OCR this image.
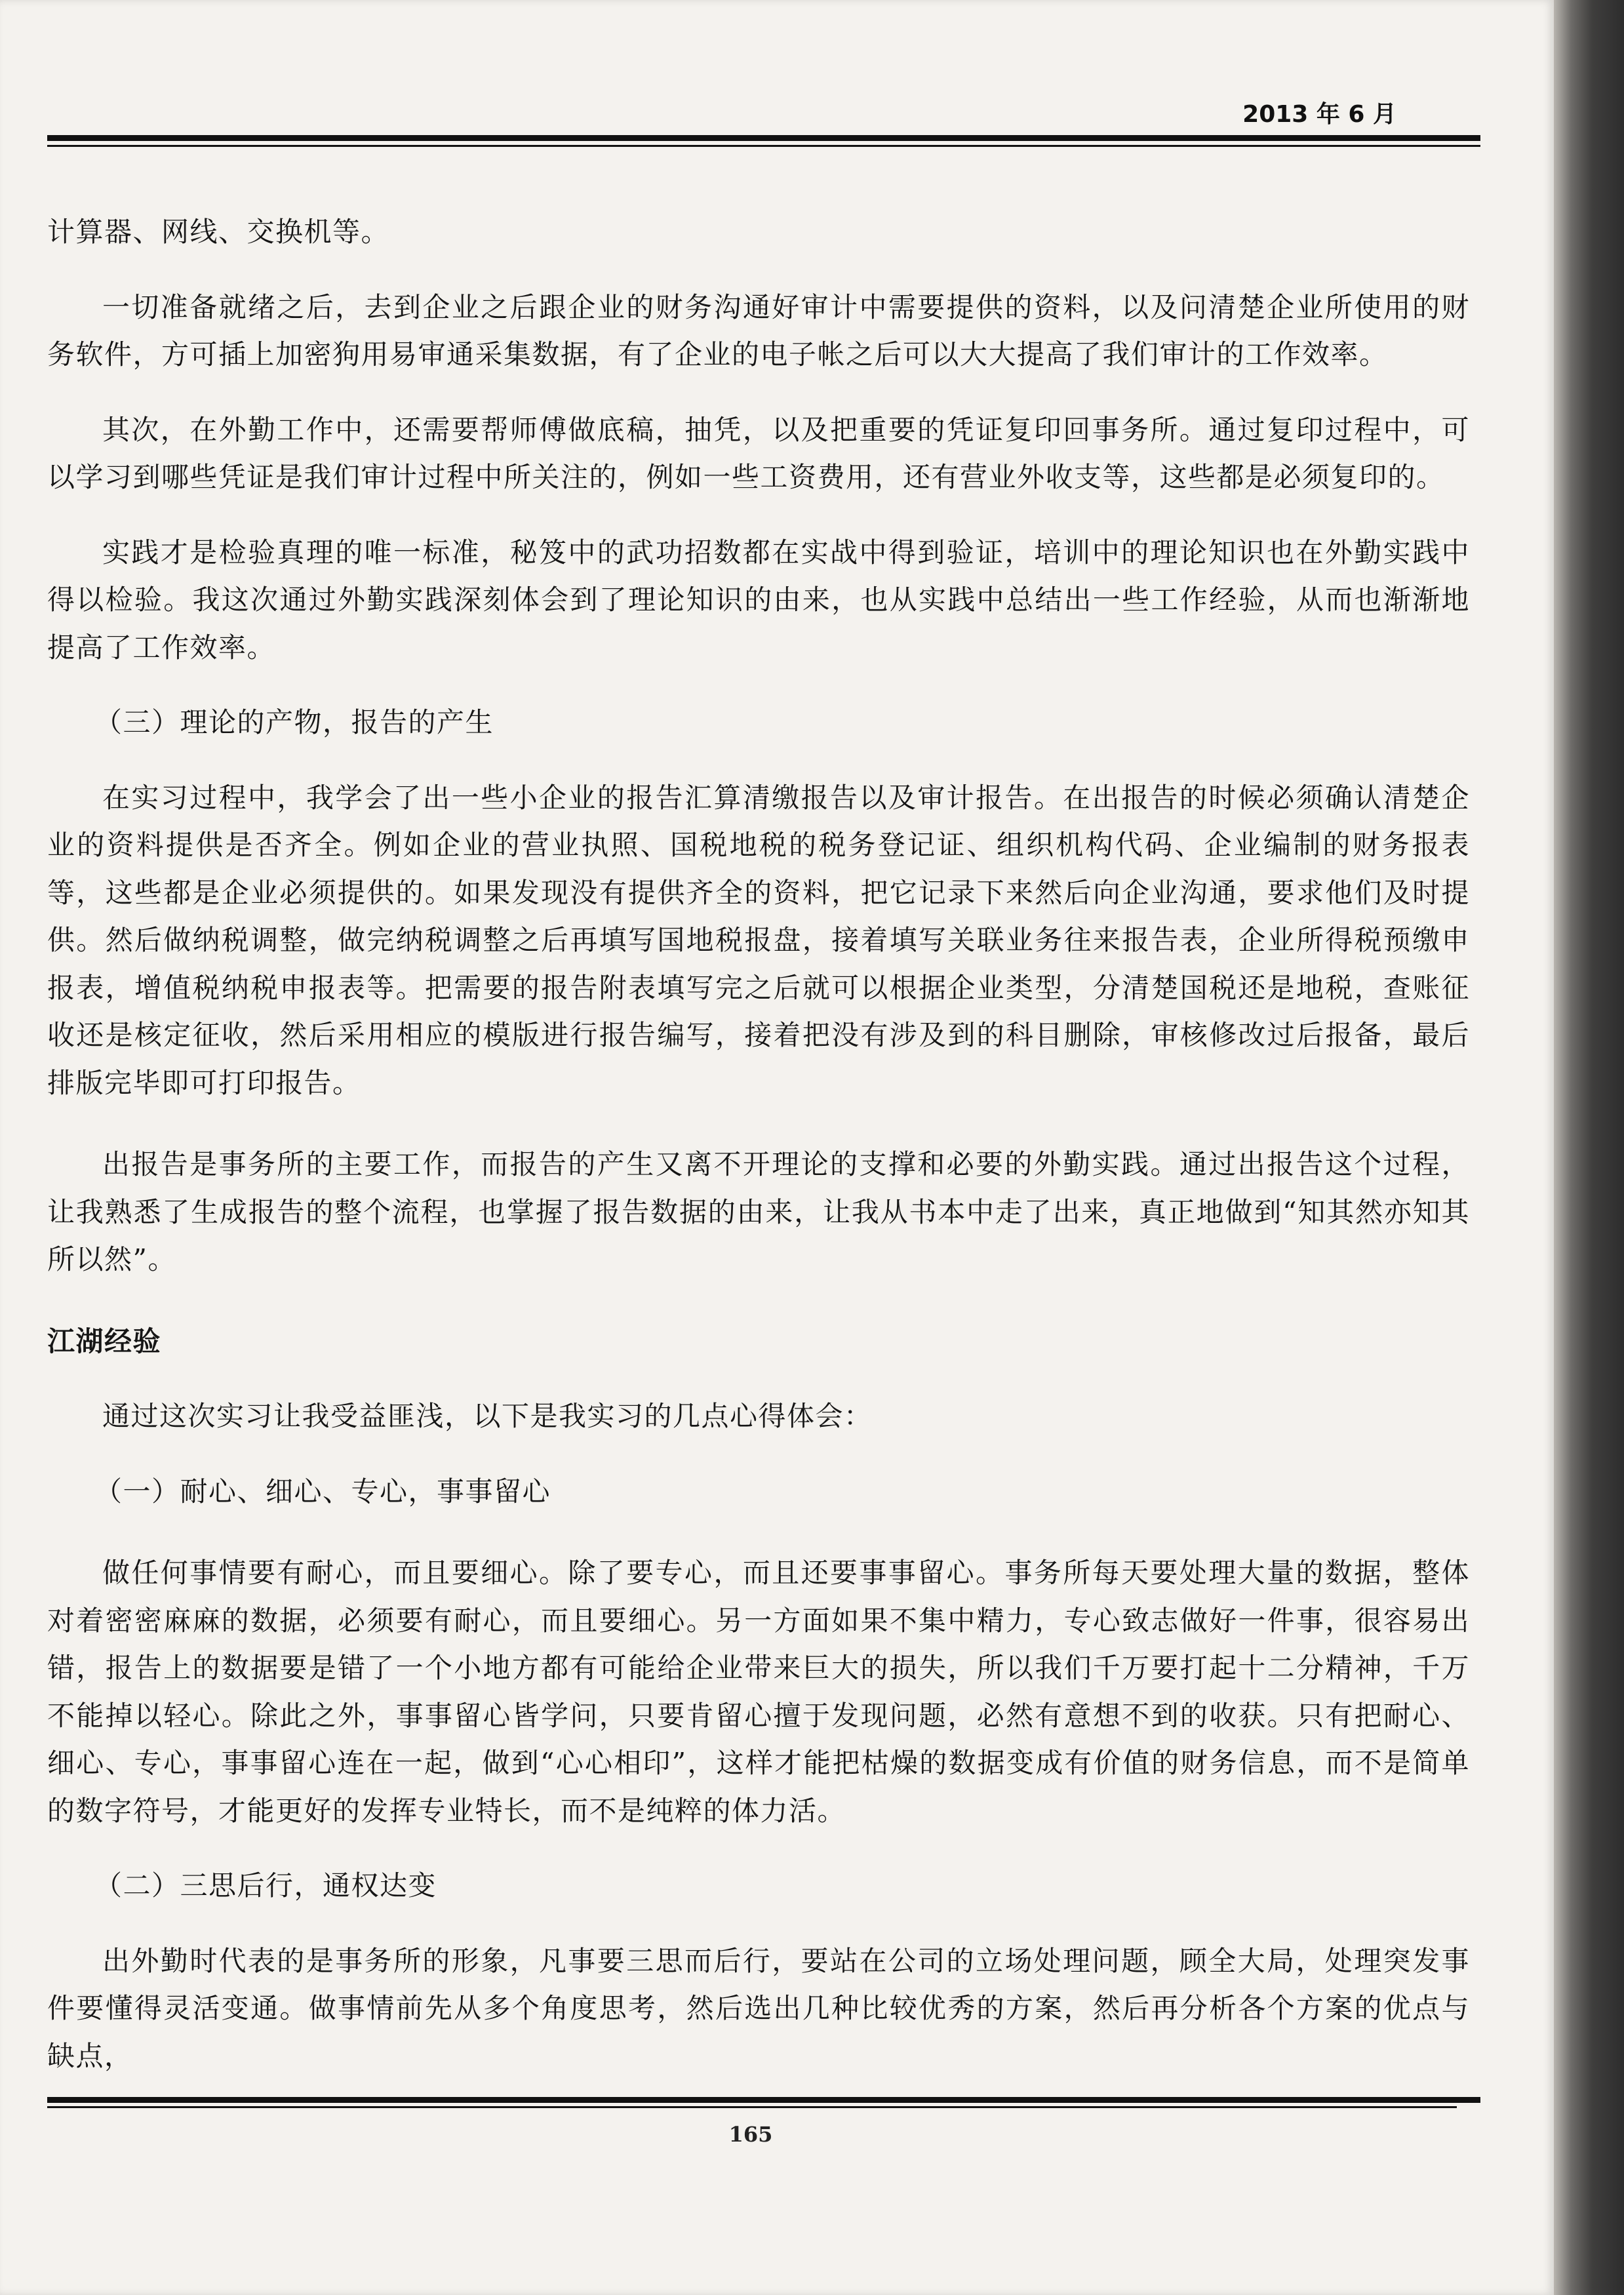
2013 年 6 月

计算器、网线、交换机等。

一切准备就绪之后，去到企业之后跟企业的财务沟通好审计中需要提供的资料，以及问清楚企业所使用的财务软件，方可插上加密狗用易审通采集数据，有了企业的电子帐之后可以大大提高了我们审计的工作效率。

其次，在外勤工作中，还需要帮师傅做底稿，抽凭，以及把重要的凭证复印回事务所。通过复印过程中，可以学习到哪些凭证是我们审计过程中所关注的，例如一些工资费用，还有营业外收支等，这些都是必须复印的。

实践才是检验真理的唯一标准，秘笈中的武功招数都在实战中得到验证，培训中的理论知识也在外勤实践中得以检验。我这次通过外勤实践深刻体会到了理论知识的由来，也从实践中总结出一些工作经验，从而也渐渐地提高了工作效率。

（三）理论的产物，报告的产生

在实习过程中，我学会了出一些小企业的报告汇算清缴报告以及审计报告。在出报告的时候必须确认清楚企业的资料提供是否齐全。例如企业的营业执照、国税地税的税务登记证、组织机构代码、企业编制的财务报表等，这些都是企业必须提供的。如果发现没有提供齐全的资料，把它记录下来然后向企业沟通，要求他们及时提供。然后做纳税调整，做完纳税调整之后再填写国地税报盘，接着填写关联业务往来报告表，企业所得税预缴申报表，增值税纳税申报表等。把需要的报告附表填写完之后就可以根据企业类型，分清楚国税还是地税，查账征收还是核定征收，然后采用相应的模版进行报告编写，接着把没有涉及到的科目删除，审核修改过后报备，最后排版完毕即可打印报告。

出报告是事务所的主要工作，而报告的产生又离不开理论的支撑和必要的外勤实践。通过出报告这个过程，让我熟悉了生成报告的整个流程，也掌握了报告数据的由来，让我从书本中走了出来，真正地做到“知其然亦知其所以然”。

江湖经验

通过这次实习让我受益匪浅，以下是我实习的几点心得体会：

（一）耐心、细心、专心，事事留心

做任何事情要有耐心，而且要细心。除了要专心，而且还要事事留心。事务所每天要处理大量的数据，整体对着密密麻麻的数据，必须要有耐心，而且要细心。另一方面如果不集中精力，专心致志做好一件事，很容易出错，报告上的数据要是错了一个小地方都有可能给企业带来巨大的损失，所以我们千万要打起十二分精神，千万不能掉以轻心。除此之外，事事留心皆学问，只要肯留心擅于发现问题，必然有意想不到的收获。只有把耐心、细心、专心，事事留心连在一起，做到“心心相印”，这样才能把枯燥的数据变成有价值的财务信息，而不是简单的数字符号，才能更好的发挥专业特长，而不是纯粹的体力活。

（二）三思后行，通权达变

出外勤时代表的是事务所的形象，凡事要三思而后行，要站在公司的立场处理问题，顾全大局，处理突发事件要懂得灵活变通。做事情前先从多个角度思考，然后选出几种比较优秀的方案，然后再分析各个方案的优点与缺点，

165
